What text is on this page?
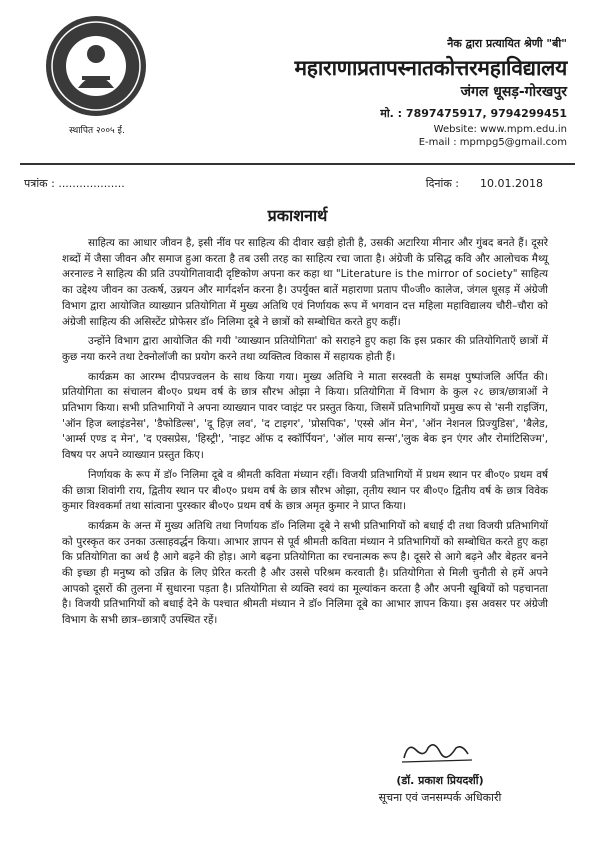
स्थापित २००५ ई.
नैक द्वारा प्रत्यायित श्रेणी "बी"
महाराणाप्रतापस्नातकोत्तरमहाविद्यालय
जंगल धूसड़-गोरखपुर
मो. : 7897475917, 9794299451
Website: www.mpm.edu.in
E-mail : mpmpg5@gmail.com
पत्रांक : ...................	दिनांक : 10.01.2018
प्रकाशनार्थ

साहित्य का आधार जीवन है, इसी नींव पर साहित्य की दीवार खड़ी होती है, उसकी अटारिया मीनार और गुंबद बनते हैं। दूसरे शब्दों में जैसा जीवन और समाज हुआ करता है तब उसी तरह का साहित्य रचा जाता है। अंग्रेजी के प्रसिद्ध कवि और आलोचक मैथ्यू अरनाल्ड ने साहित्य की प्रति उपयोगितावादी दृष्टिकोण अपना कर कहा था "Literature is the mirror of society" साहित्य का उद्देश्य जीवन का उत्कर्ष, उन्नयन और मार्गदर्शन करना है। उपर्युक्त बातें महाराणा प्रताप पी०जी० कालेज, जंगल धूसड़ में अंग्रेजी विभाग द्वारा आयोजित व्याख्यान प्रतियोगिता में मुख्य अतिथि एवं निर्णायक रूप में भगवान दत्त महिला महाविद्यालय चौरी–चौरा को अंग्रेजी साहित्य की असिस्टेंट प्रोफेसर डॉ० निलिमा दूबे ने छात्रों को सम्बोधित करते हुए कहीं।

उन्होंने विभाग द्वारा आयोजित की गयी 'व्याख्यान प्रतियोगिता' को सराहने हुए कहा कि इस प्रकार की प्रतियोगिताएँ छात्रों में कुछ नया करने तथा टेक्नोलॉजी का प्रयोग करने तथा व्यक्तित्व विकास में सहायक होती हैं।

कार्यक्रम का आरम्भ दीपप्रज्वलन के साथ किया गया। मुख्य अतिथि ने माता सरस्वती के समक्ष पुष्पांजलि अर्पित की। प्रतियोगिता का संचालन बी०ए० प्रथम वर्ष के छात्र सौरभ ओझा ने किया। प्रतियोगिता में विभाग के कुल २८ छात्र/छात्राओं ने प्रतिभाग किया। सभी प्रतिभागियों ने अपना व्याख्यान पावर प्वाइंट पर प्रस्तुत किया, जिसमें प्रतिभागियों प्रमुख रूप से 'सनी राइजिंग, 'ऑन हिज ब्लाइंडनेस', 'डैफोडिल्स', 'दू हिज़ लव', 'द टाइगर', 'प्रोसपिक', 'एस्से ऑन मेन', 'ऑन नेशनल प्रिज्युडिस', 'बैलेड, 'आर्म्स एण्ड द मेन', 'द एक्सप्रेस, 'हिस्ट्री', 'नाइट ऑफ द स्कॉर्पियन', 'ऑल माय सन्स','लुक बेक इन एंगर और रोमांटिसिज्म', विषय पर अपने व्याख्यान प्रस्तुत किए।

निर्णायक के रूप में डॉ० निलिमा दूबे व श्रीमती कविता मंध्यान रहीं। विजयी प्रतिभागियों में प्रथम स्थान पर बी०ए० प्रथम वर्ष की छात्रा शिवांगी राय, द्वितीय स्थान पर बी०ए० प्रथम वर्ष के छात्र सौरभ ओझा, तृतीय स्थान पर बी०ए० द्वितीय वर्ष के छात्र विवेक कुमार विश्वकर्मा तथा सांत्वाना पुरस्कार बी०ए० प्रथम वर्ष के छात्र अमृत कुमार ने प्राप्त किया।

कार्यक्रम के अन्त में मुख्य अतिथि तथा निर्णायक डॉ० निलिमा दूबे ने सभी प्रतिभागियों को बधाई दी तथा विजयी प्रतिभागियों को पुरस्कृत कर उनका उत्साहवर्द्धन किया। आभार ज्ञापन से पूर्व श्रीमती कविता मंध्यान ने प्रतिभागियों को सम्बोधित करते हुए कहा कि प्रतियोगिता का अर्थ है आगे बढ़ने की होड़। आगे बढ़ना प्रतियोगिता का रचनात्मक रूप है। दूसरे से आगे बढ़ने और बेहतर बनने की इच्छा ही मनुष्य को उन्नित के लिए प्रेरित करती है और उससे परिश्रम करवाती है। प्रतियोगिता से मिली चुनौती से हमें अपने आपको दूसरों की तुलना में सुधारना पड़ता है। प्रतियोगिता से व्यक्ति स्वयं का मूल्यांकन करता है और अपनी खूबियों को पहचानता है। विजयी प्रतिभागियों को बधाई देने के पश्चात श्रीमती मंध्यान ने डॉ० निलिमा दूबे का आभार ज्ञापन किया। इस अवसर पर अंग्रेजी विभाग के सभी छात्र–छात्राएँ उपस्थित रहें।

(डॉ. प्रकाश प्रियदर्शी)
सूचना एवं जनसम्पर्क अधिकारी
